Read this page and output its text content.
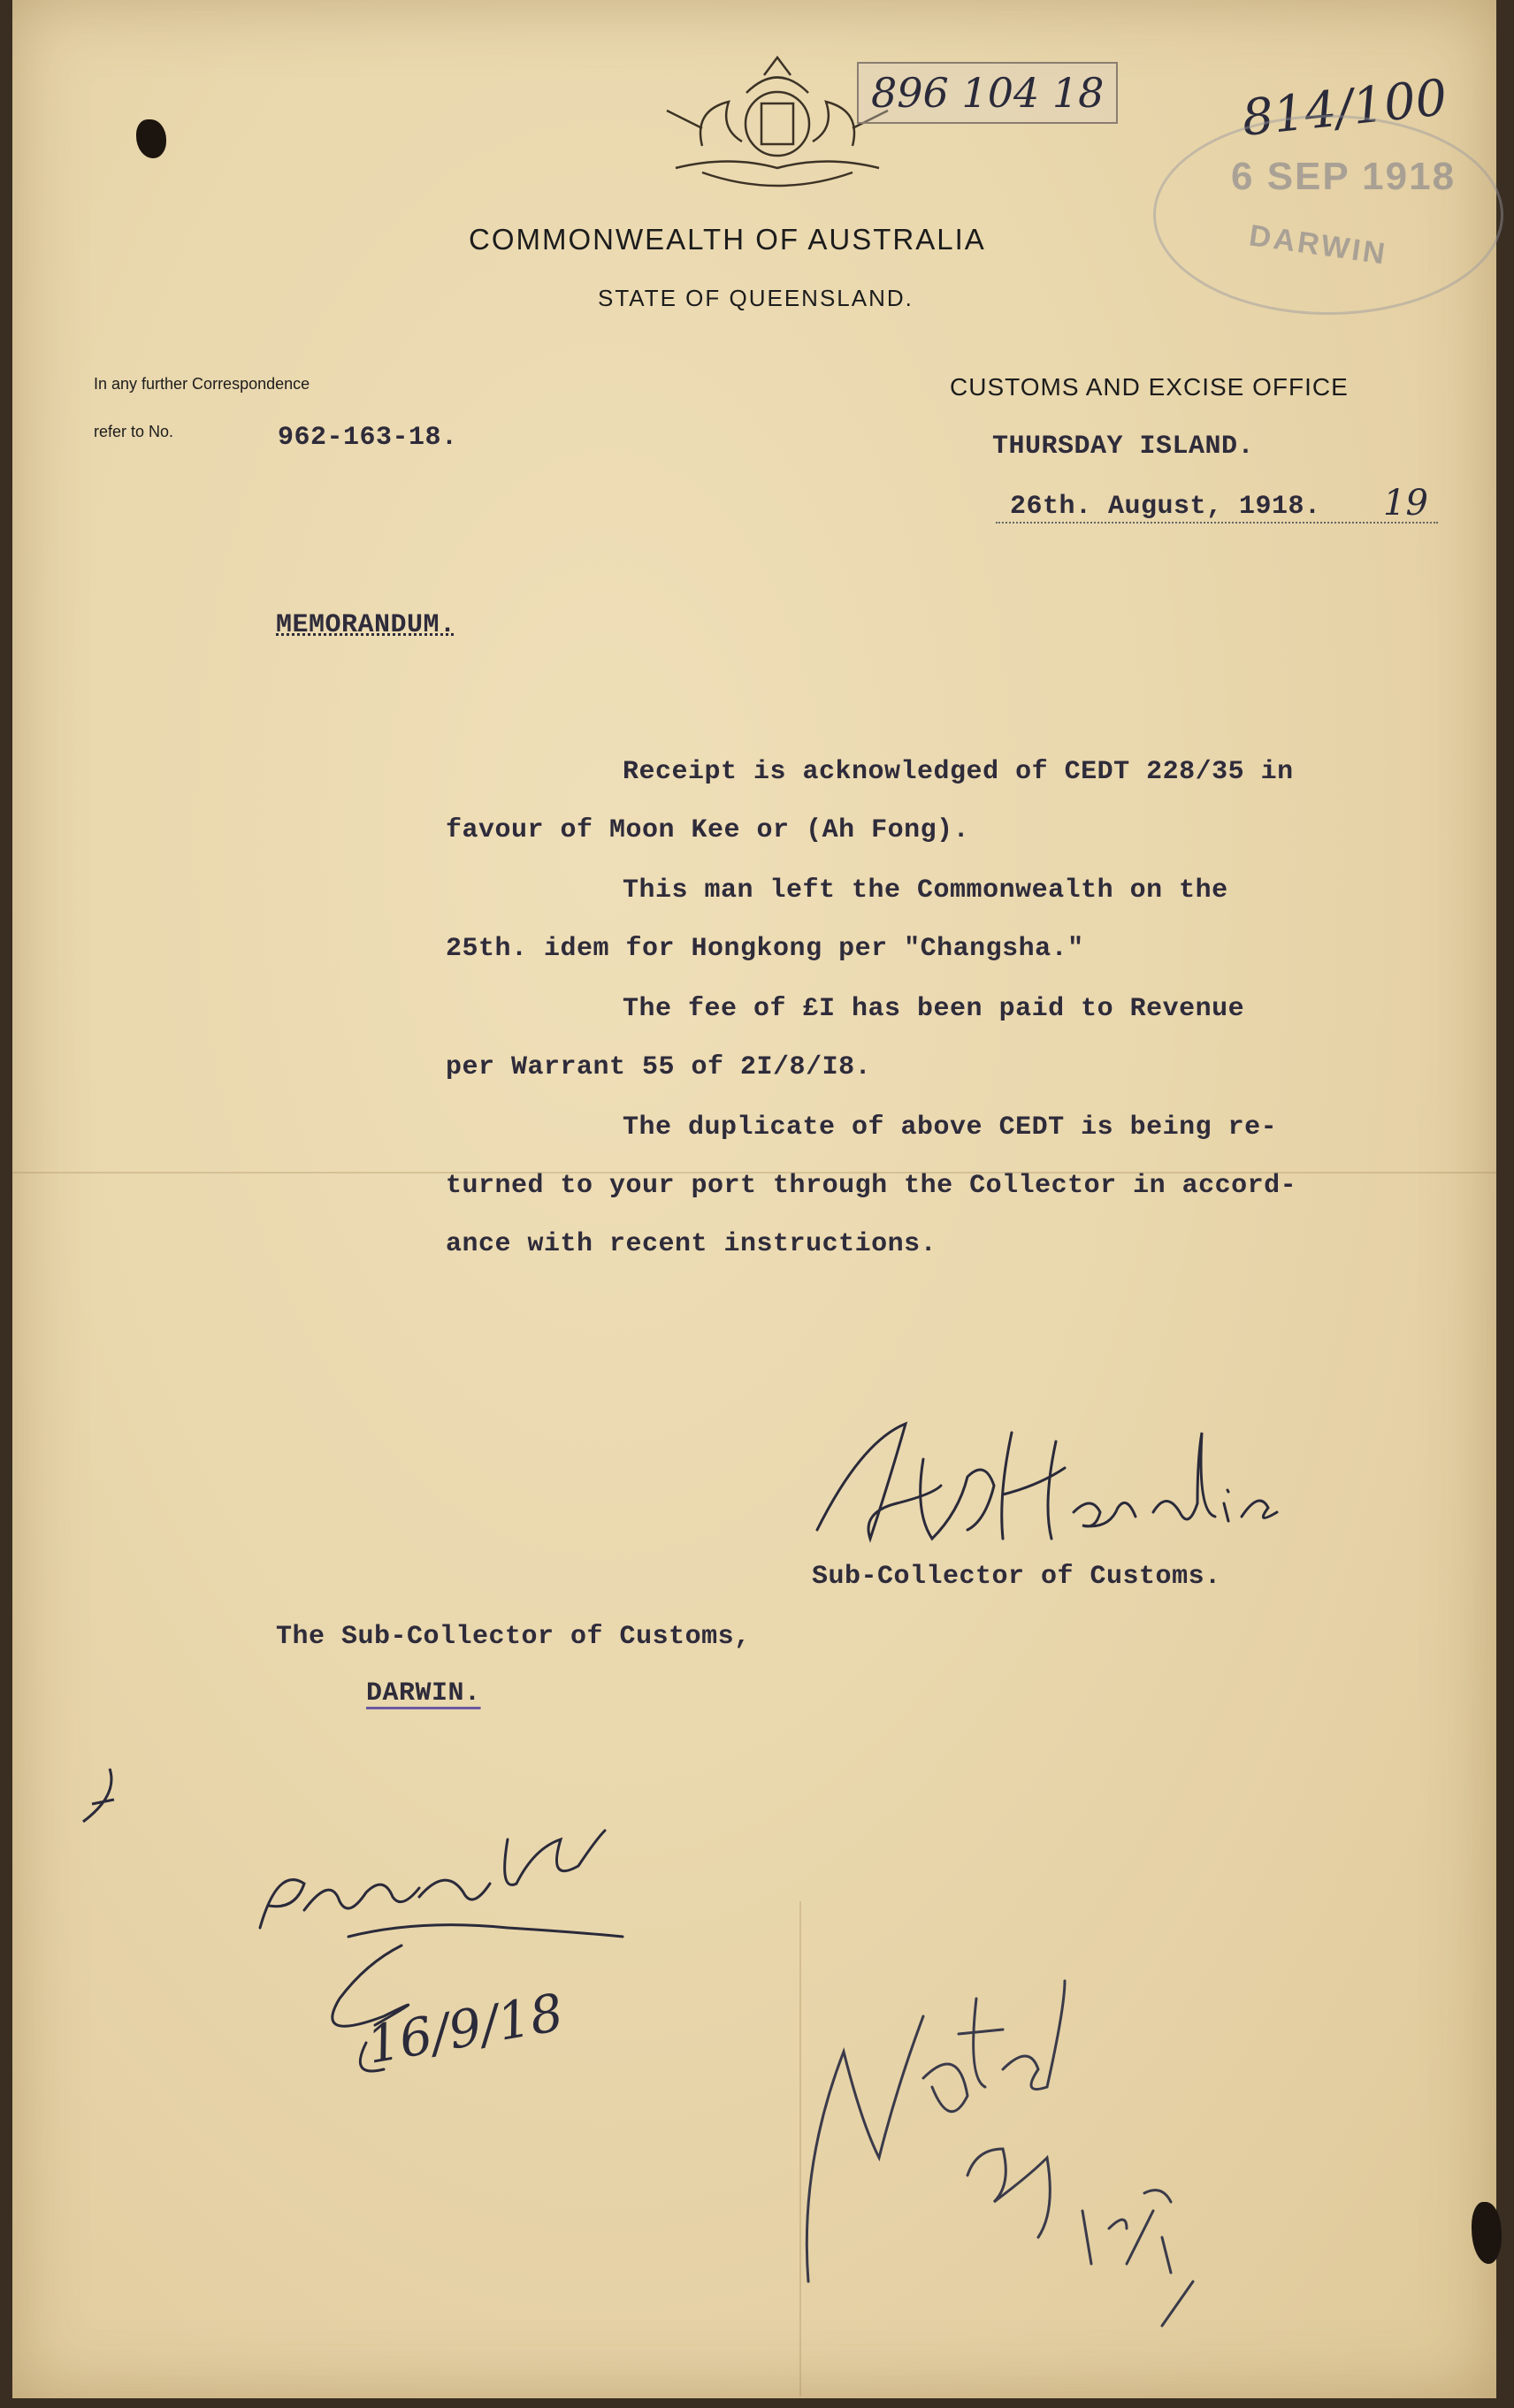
896 104 18	814/100
6 SEP 1918
DARWIN
COMMONWEALTH OF AUSTRALIA
STATE OF QUEENSLAND.
In any further Correspondence
refer to No.
CUSTOMS AND EXCISE OFFICE
962-163-18.	THURSDAY ISLAND.
26th. August, 1918. 19
MEMORANDUM.
Receipt is acknowledged of CEDT 228/35 in
favour of Moon Kee or (Ah Fong).
This man left the Commonwealth on the
25th. idem for Hongkong per "Changsha."
The fee of £I has been paid to Revenue
per Warrant 55 of 2I/8/I8.
The duplicate of above CEDT is being re-
turned to your port through the Collector in accord-
ance with recent instructions.
Sub-Collector of Customs.
The Sub-Collector of Customs,
DARWIN.
16/9/18
